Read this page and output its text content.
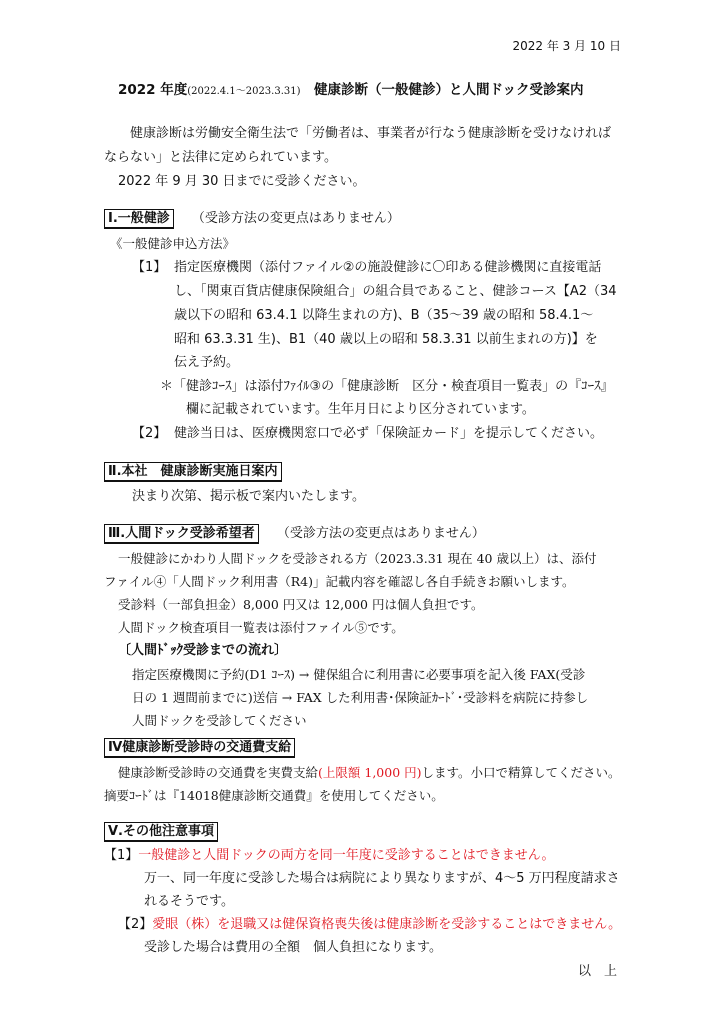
2022 年 3 月 10 日
2022 年度(2022.4.1～2023.3.31)　 健康診断（一般健診）と人間ドック受診案内
健康診断は労働安全衛生法で「労働者は、事業者が行なう健康診断を受けなければ
ならない」と法律に定められています。
2022 年 9 月 30 日までに受診ください。
Ⅰ.一般健診 （受診方法の変更点はありません）
《一般健診申込方法》
【1】 指定医療機関（添付ファイル②の施設健診に〇印ある健診機関に直接電話
し、「関東百貨店健康保険組合」の組合員であること、健診コース【A2（34
歳以下の昭和 63.4.1 以降生まれの方)、B（35～39 歳の昭和 58.4.1～
昭和 63.3.31 生)、B1（40 歳以上の昭和 58.3.31 以前生まれの方)】を
伝え予約。
＊「健診ｺｰｽ」は添付ﾌｧｲﾙ③の「健康診断　区分・検査項目一覧表」の『ｺｰｽ』
欄に記載されています。生年月日により区分されています。
【2】 健診当日は、医療機関窓口で必ず「保険証カード」を提示してください。
Ⅱ.本社　健康診断実施日案内
決まり次第、掲示板で案内いたします。
Ⅲ.人間ドック受診希望者 （受診方法の変更点はありません）
一般健診にかわり人間ドックを受診される方（2023.3.31 現在 40 歳以上）は、添付
ファイル④「人間ドック利用書（R4)」記載内容を確認し各自手続きお願いします。
受診料（一部負担金）8,000 円又は 12,000 円は個人負担です。
人間ドック検査項目一覧表は添付ファイル⑤です。
〔人間ﾄﾞｯｸ受診までの流れ〕
指定医療機関に予約(D1 ｺｰｽ) → 健保組合に利用書に必要事項を記入後 FAX(受診
日の 1 週間前までに)送信 → FAX した利用書･保険証ｶｰﾄﾞ･受診料を病院に持参し
人間ドックを受診してください
Ⅳ健康診断受診時の交通費支給
健康診断受診時の交通費を実費支給(上限額 1,000 円)します。小口で精算してください。
摘要ｺｰﾄﾞは『14018健康診断交通費』を使用してください。
Ⅴ.その他注意事項
【1】一般健診と人間ドックの両方を同一年度に受診することはできません。
万一、同一年度に受診した場合は病院により異なりますが、4～5 万円程度請求さ
れるそうです。
【2】愛眼（株）を退職又は健保資格喪失後は健康診断を受診することはできません。
受診した場合は費用の全額　個人負担になります。
以　上
